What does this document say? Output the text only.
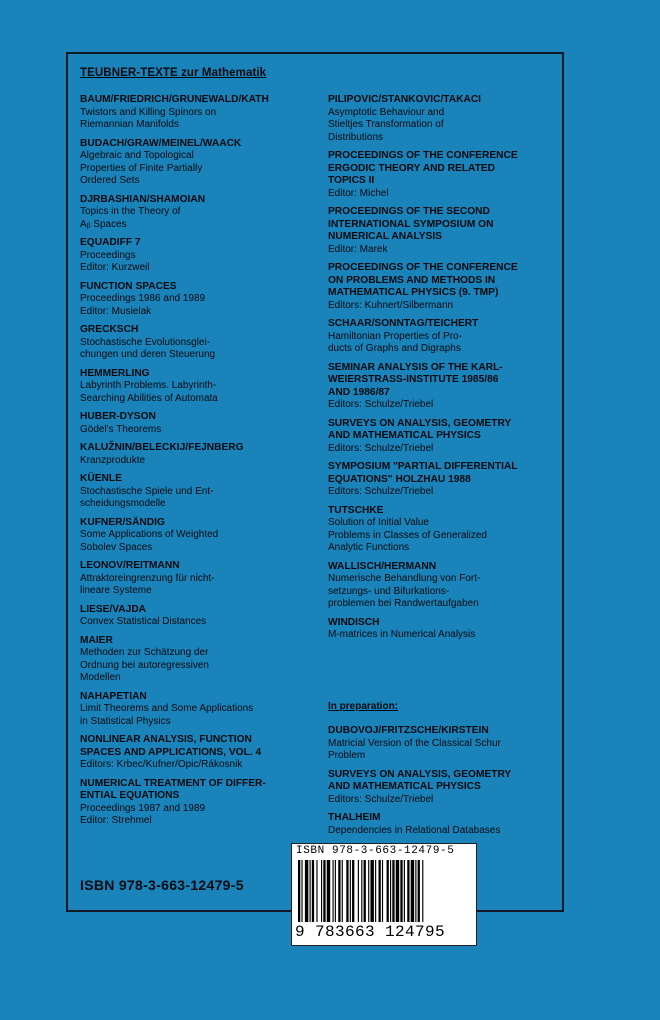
TEUBNER-TEXTE zur Mathematik
BAUM/FRIEDRICH/GRUNEWALD/KATH
Twistors and Killing Spinors on
Riemannian Manifolds
BUDACH/GRAW/MEINEL/WAACK
Algebraic and Topological
Properties of Finite Partially
Ordered Sets
DJRBASHIAN/SHAMOIAN
Topics in the Theory of
Aᵦ Spaces
EQUADIFF 7
Proceedings
Editor: Kurzweil
FUNCTION SPACES
Proceedings 1986 and 1989
Editor: Musielak
GRECKSCH
Stochastische Evolutionsglei-
chungen und deren Steuerung
HEMMERLING
Labyrinth Problems. Labyrinth-
Searching Abilities of Automata
HUBER-DYSON
Gödel's Theorems
KALUŽNIN/BELECKIJ/FEJNBERG
Kranzprodukte
KÜENLE
Stochastische Spiele und Ent-
scheidungsmodelle
KUFNER/SÄNDIG
Some Applications of Weighted
Sobolev Spaces
LEONOV/REITMANN
Attraktoreingrenzung für nicht-
lineare Systeme
LIESE/VAJDA
Convex Statistical Distances
MAIER
Methoden zur Schätzung der
Ordnung bei autoregressiven
Modellen
NAHAPETIAN
Limit Theorems and Some Applications
in Statistical Physics
NONLINEAR ANALYSIS, FUNCTION
SPACES AND APPLICATIONS, VOL. 4
Editors: Krbec/Kufner/Opic/Rákosnik
NUMERICAL TREATMENT OF DIFFER-
ENTIAL EQUATIONS
Proceedings 1987 and 1989
Editor: Strehmel
PILIPOVIC/STANKOVIC/TAKACI
Asymptotic Behaviour and
Stieltjes Transformation of
Distributions
PROCEEDINGS OF THE CONFERENCE
ERGODIC THEORY AND RELATED
TOPICS II
Editor: Michel
PROCEEDINGS OF THE SECOND
INTERNATIONAL SYMPOSIUM ON
NUMERICAL ANALYSIS
Editor: Marek
PROCEEDINGS OF THE CONFERENCE
ON PROBLEMS AND METHODS IN
MATHEMATICAL PHYSICS (9. TMP)
Editors: Kuhnert/Silbermann
SCHAAR/SONNTAG/TEICHERT
Hamiltonian Properties of Pro-
ducts of Graphs and Digraphs
SEMINAR ANALYSIS OF THE KARL-
WEIERSTRASS-INSTITUTE 1985/86
AND 1986/87
Editors: Schulze/Triebel
SURVEYS ON ANALYSIS, GEOMETRY
AND MATHEMATICAL PHYSICS
Editors: Schulze/Triebel
SYMPOSIUM "PARTIAL DIFFERENTIAL
EQUATIONS" HOLZHAU 1988
Editors: Schulze/Triebel
TUTSCHKE
Solution of Initial Value
Problems in Classes of Generalized
Analytic Functions
WALLISCH/HERMANN
Numerische Behandlung von Fort-
setzungs- und Bifurkations-
problemen bei Randwertaufgaben
WINDISCH
M-matrices in Numerical Analysis
In preparation:
DUBOVOJ/FRITZSCHE/KIRSTEIN
Matricial Version of the Classical Schur
Problem
SURVEYS ON ANALYSIS, GEOMETRY
AND MATHEMATICAL PHYSICS
Editors: Schulze/Triebel
THALHEIM
Dependencies in Relational Databases
ISBN 978-3-663-12479-5
ISBN 978-3-663-12479-5
9 783663 124795
